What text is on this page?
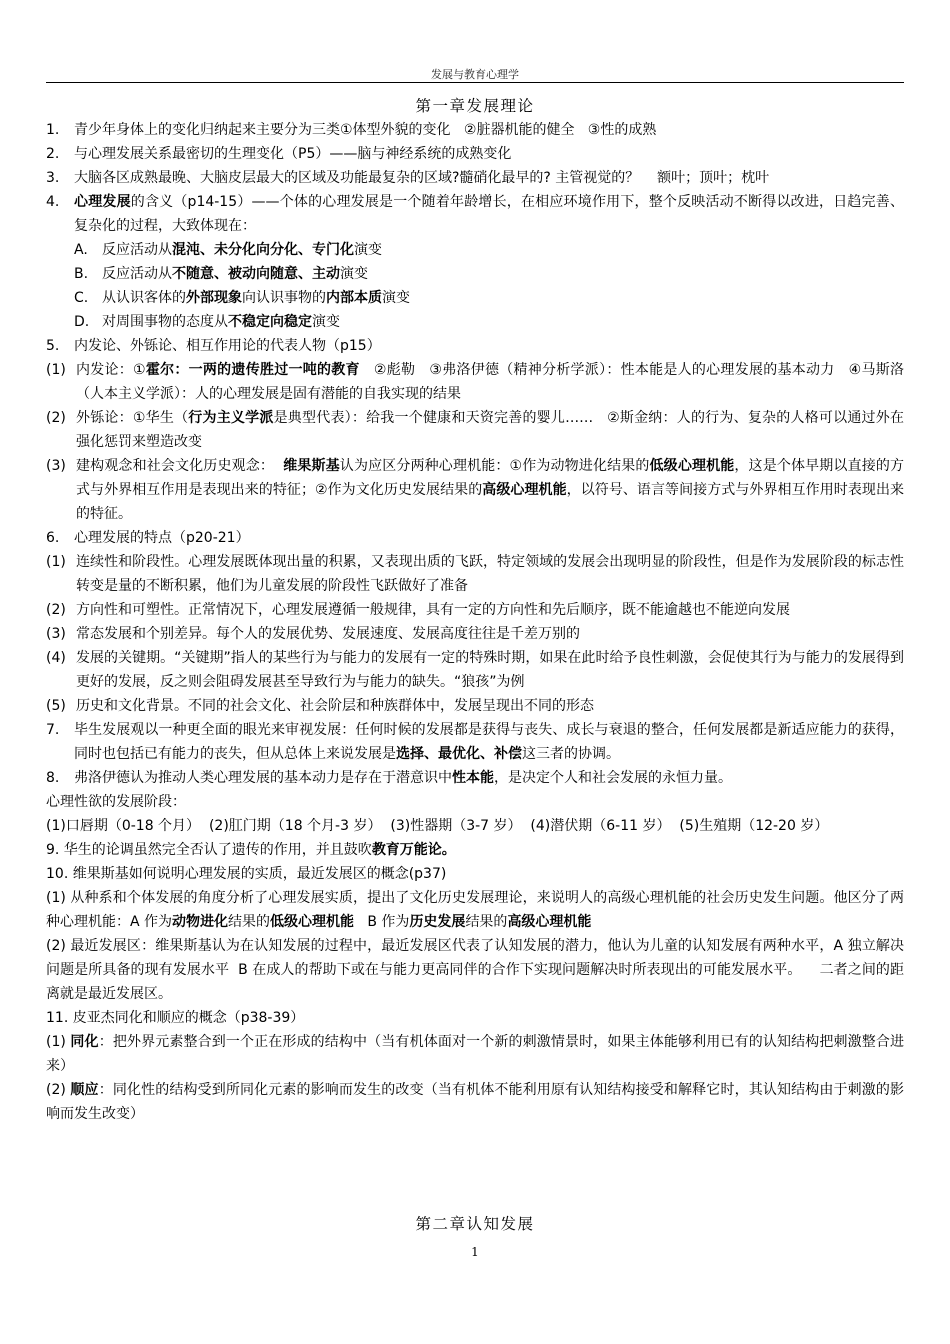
发展与教育心理学
第一章发展理论
1.	青少年身体上的变化归纳起来主要分为三类①体型外貌的变化   ②脏器机能的健全   ③性的成熟
2.	与心理发展关系最密切的生理变化（P5）——脑与神经系统的成熟变化
3.	大脑各区成熟最晚、大脑皮层最大的区域及功能最复杂的区域?髓硝化最早的? 主管视觉的？    额叶；顶叶；枕叶
4.	心理发展的含义（p14-15）——个体的心理发展是一个随着年龄增长，在相应环境作用下，整个反映活动不断得以改进，日趋完善、复杂化的过程，大致体现在：
A.	反应活动从混沌、未分化向分化、专门化演变
B. 反应活动从不随意、被动向随意、主动演变
C. 从认识客体的外部现象向认识事物的内部本质演变
D. 对周围事物的态度从不稳定向稳定演变
5.	内发论、外铄论、相互作用论的代表人物（p15）
(1) 内发论：①霍尔：一两的遗传胜过一吨的教育   ②彪勒   ③弗洛伊德（精神分析学派）：性本能是人的心理发展的基本动力   ④马斯洛（人本主义学派）：人的心理发展是固有潜能的自我实现的结果
(2) 外铄论：①华生（行为主义学派是典型代表）：给我一个健康和天资完善的婴儿……   ②斯金纳：人的行为、复杂的人格可以通过外在强化惩罚来塑造改变
(3) 建构观念和社会文化历史观念：  维果斯基认为应区分两种心理机能：①作为动物进化结果的低级心理机能，这是个体早期以直接的方式与外界相互作用是表现出来的特征；②作为文化历史发展结果的高级心理机能，以符号、语言等间接方式与外界相互作用时表现出来的特征。
6.	心理发展的特点（p20-21）
(1) 连续性和阶段性。心理发展既体现出量的积累，又表现出质的飞跃，特定领域的发展会出现明显的阶段性，但是作为发展阶段的标志性转变是量的不断积累，他们为儿童发展的阶段性飞跃做好了准备
(2) 方向性和可塑性。正常情况下，心理发展遵循一般规律，具有一定的方向性和先后顺序，既不能逾越也不能逆向发展
(3) 常态发展和个别差异。每个人的发展优势、发展速度、发展高度往往是千差万别的
(4) 发展的关键期。“关键期”指人的某些行为与能力的发展有一定的特殊时期，如果在此时给予良性刺激，会促使其行为与能力的发展得到更好的发展，反之则会阻碍发展甚至导致行为与能力的缺失。“狼孩”为例
(5) 历史和文化背景。不同的社会文化、社会阶层和种族群体中，发展呈现出不同的形态
7.	毕生发展观以一种更全面的眼光来审视发展：任何时候的发展都是获得与丧失、成长与衰退的整合，任何发展都是新适应能力的获得，同时也包括已有能力的丧失，但从总体上来说发展是选择、最优化、补偿这三者的协调。
8.	弗洛伊德认为推动人类心理发展的基本动力是存在于潜意识中性本能，是决定个人和社会发展的永恒力量。
心理性欲的发展阶段：
(1)口唇期（0-18 个月）  (2)肛门期（18 个月-3 岁）  (3)性器期（3-7 岁）  (4)潜伏期（6-11 岁）  (5)生殖期（12-20 岁）
9. 华生的论调虽然完全否认了遗传的作用，并且鼓吹教育万能论。
10. 维果斯基如何说明心理发展的实质，最近发展区的概念(p37)
(1) 从种系和个体发展的角度分析了心理发展实质，提出了文化历史发展理论，来说明人的高级心理机能的社会历史发生问题。他区分了两种心理机能：A 作为动物进化结果的低级心理机能   B 作为历史发展结果的高级心理机能
(2) 最近发展区：维果斯基认为在认知发展的过程中，最近发展区代表了认知发展的潜力，他认为儿童的认知发展有两种水平，A 独立解决问题是所具备的现有发展水平  B 在成人的帮助下或在与能力更高同伴的合作下实现问题解决时所表现出的可能发展水平。    二者之间的距离就是最近发展区。
11. 皮亚杰同化和顺应的概念（p38-39）
(1) 同化：把外界元素整合到一个正在形成的结构中（当有机体面对一个新的刺激情景时，如果主体能够利用已有的认知结构把刺激整合进来）
(2) 顺应：同化性的结构受到所同化元素的影响而发生的改变（当有机体不能利用原有认知结构接受和解释它时，其认知结构由于刺激的影响而发生改变）
第二章认知发展
1
